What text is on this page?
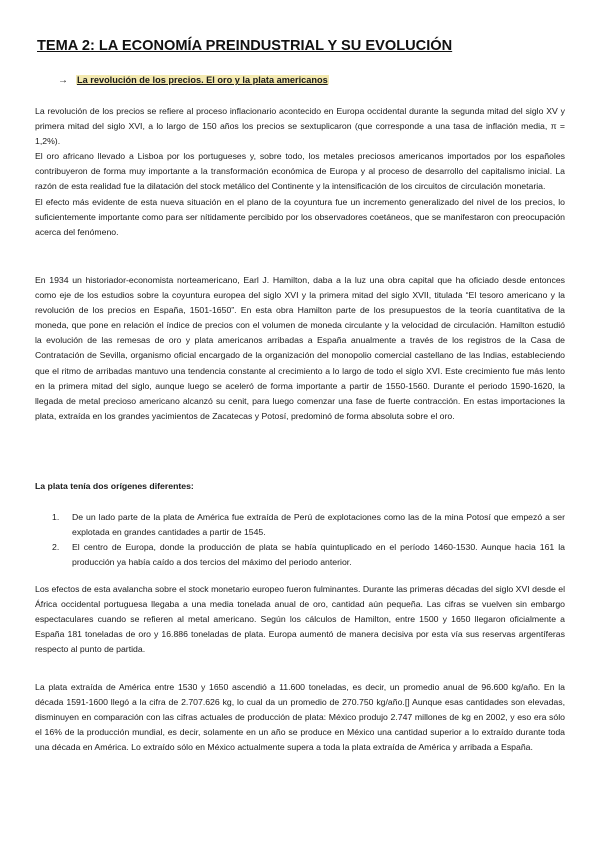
TEMA 2: LA ECONOMÍA PREINDUSTRIAL Y SU EVOLUCIÓN
→ La revolución de los precios. El oro y la plata americanos

La revolución de los precios se refiere al proceso inflacionario acontecido en Europa occidental durante la segunda mitad del siglo XV y primera mitad del siglo XVI, a lo largo de 150 años los precios se sextuplicaron (que corresponde a una tasa de inflación media, π = 1,2%).

El oro africano llevado a Lisboa por los portugueses y, sobre todo, los metales preciosos americanos importados por los españoles contribuyeron de forma muy importante a la transformación económica de Europa y al proceso de desarrollo del capitalismo inicial. La razón de esta realidad fue la dilatación del stock metálico del Continente y la intensificación de los circuitos de circulación monetaria.

El efecto más evidente de esta nueva situación en el plano de la coyuntura fue un incremento generalizado del nivel de los precios, lo suficientemente importante como para ser nítidamente percibido por los observadores coetáneos, que se manifestaron con preocupación acerca del fenómeno.

En 1934 un historiador-economista norteamericano, Earl J. Hamilton, daba a la luz una obra capital que ha oficiado desde entonces como eje de los estudios sobre la coyuntura europea del siglo XVI y la primera mitad del siglo XVII, titulada “El tesoro americano y la revolución de los precios en España, 1501-1650”. En esta obra Hamilton parte de los presupuestos de la teoría cuantitativa de la moneda, que pone en relación el índice de precios con el volumen de moneda circulante y la velocidad de circulación. Hamilton estudió la evolución de las remesas de oro y plata americanos arribadas a España anualmente a través de los registros de la Casa de Contratación de Sevilla, organismo oficial encargado de la organización del monopolio comercial castellano de las Indias, estableciendo que el ritmo de arribadas mantuvo una tendencia constante al crecimiento a lo largo de todo el siglo XVI. Este crecimiento fue más lento en la primera mitad del siglo, aunque luego se aceleró de forma importante a partir de 1550-1560. Durante el periodo 1590-1620, la llegada de metal precioso americano alcanzó su cenit, para luego comenzar una fase de fuerte contracción. En estas importaciones la plata, extraída en los grandes yacimientos de Zacatecas y Potosí, predominó de forma absoluta sobre el oro.

La plata tenía dos orígenes diferentes:
1. De un lado parte de la plata de América fue extraída de Perú de explotaciones como las de la mina Potosí que empezó a ser explotada en grandes cantidades a partir de 1545.
2. El centro de Europa, donde la producción de plata se había quintuplicado en el período 1460-1530. Aunque hacia 161 la producción ya había caído a dos tercios del máximo del periodo anterior.

Los efectos de esta avalancha sobre el stock monetario europeo fueron fulminantes. Durante las primeras décadas del siglo XVI desde el África occidental portuguesa llegaba a una media tonelada anual de oro, cantidad aún pequeña. Las cifras se vuelven sin embargo espectaculares cuando se refieren al metal americano. Según los cálculos de Hamilton, entre 1500 y 1650 llegaron oficialmente a España 181 toneladas de oro y 16.886 toneladas de plata. Europa aumentó de manera decisiva por esta vía sus reservas argentíferas respecto al punto de partida.

La plata extraída de América entre 1530 y 1650 ascendió a 11.600 toneladas, es decir, un promedio anual de 96.600 kg/año. En la década 1591-1600 llegó a la cifra de 2.707.626 kg, lo cual da un promedio de 270.750 kg/año.⁠[] Aunque esas cantidades son elevadas, disminuyen en comparación con las cifras actuales de producción de plata: México produjo 2.747 millones de kg en 2002, y eso era sólo el 16% de la producción mundial, es decir, solamente en un año se produce en México una cantidad superior a lo extraído durante toda una década en América. Lo extraído sólo en México actualmente supera a toda la plata extraída de América y arribada a España.
